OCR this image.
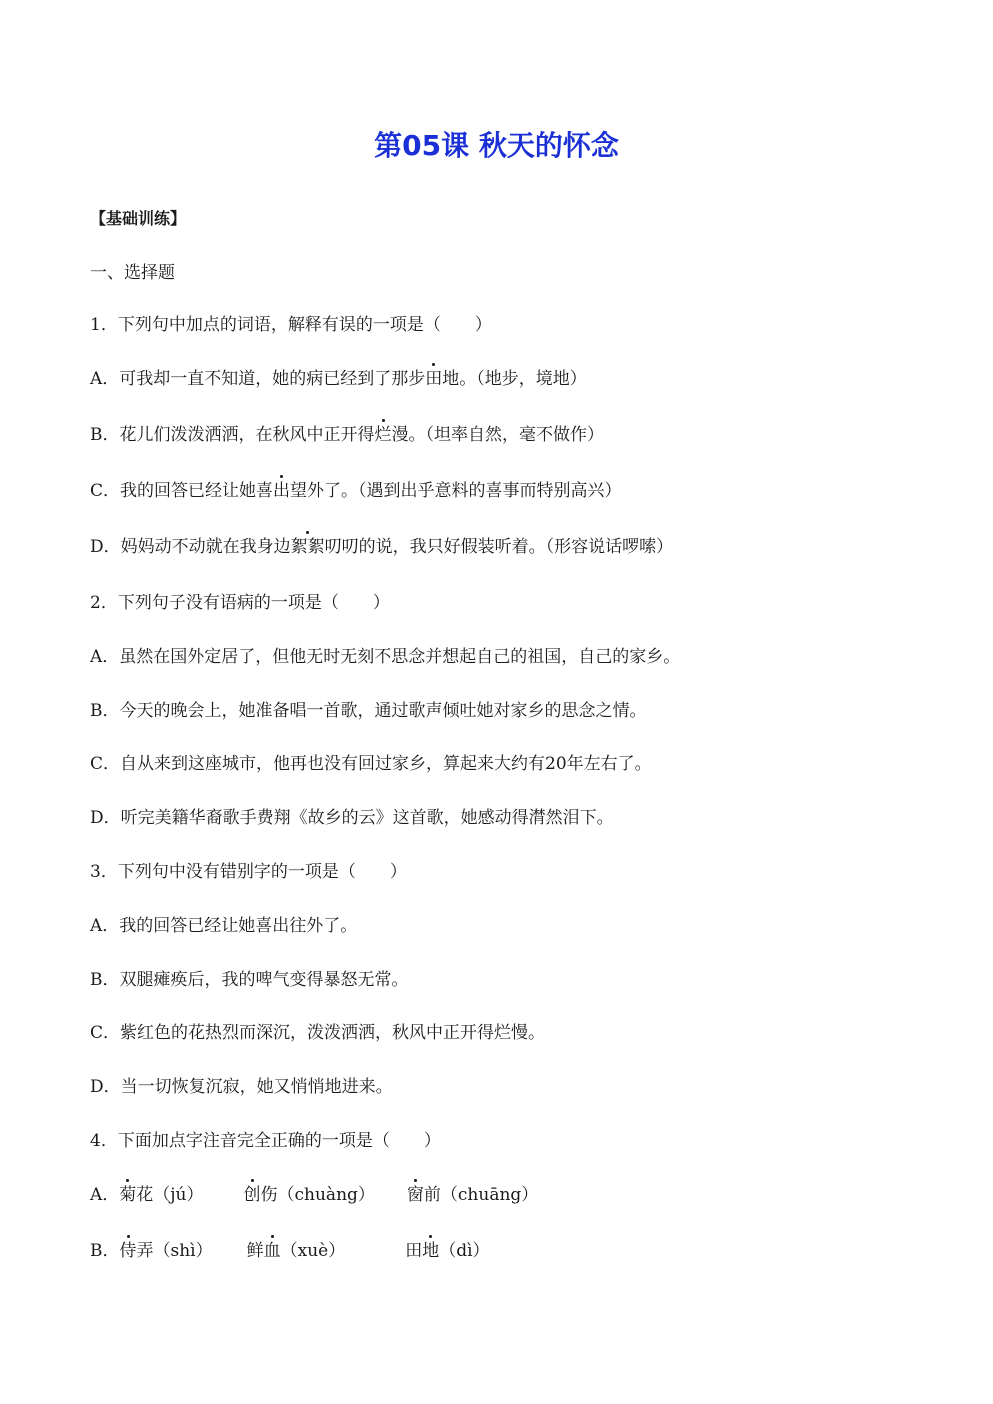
第05课 秋天的怀念
【基础训练】
一、选择题
1．下列句中加点的词语，解释有误的一项是（　　）
A．可我却一直不知道，她的病已经到了那步田地。（地步，境地）
B．花儿们泼泼洒洒，在秋风中正开得烂漫。（坦率自然，毫不做作）
C．我的回答已经让她喜出望外了。（遇到出乎意料的喜事而特别高兴）
D．妈妈动不动就在我身边絮絮叨叨的说，我只好假装听着。（形容说话啰嗦）
2．下列句子没有语病的一项是（　　）
A．虽然在国外定居了，但他无时无刻不思念并想起自己的祖国，自己的家乡。
B．今天的晚会上，她准备唱一首歌，通过歌声倾吐她对家乡的思念之情。
C．自从来到这座城市，他再也没有回过家乡，算起来大约有20年左右了。
D．听完美籍华裔歌手费翔《故乡的云》这首歌，她感动得潸然泪下。
3．下列句中没有错别字的一项是（　　）
A．我的回答已经让她喜出往外了。
B．双腿瘫痪后，我的啤气变得暴怒无常。
C．紫红色的花热烈而深沉，泼泼洒洒，秋风中正开得烂慢。
D．当一切恢复沉寂，她又悄悄地进来。
4．下面加点字注音完全正确的一项是（　　）
A．菊花（jú） 创伤（chuàng） 窗前（chuāng）
B．侍弄（shì） 鲜血（xuè）	田地（dì）
